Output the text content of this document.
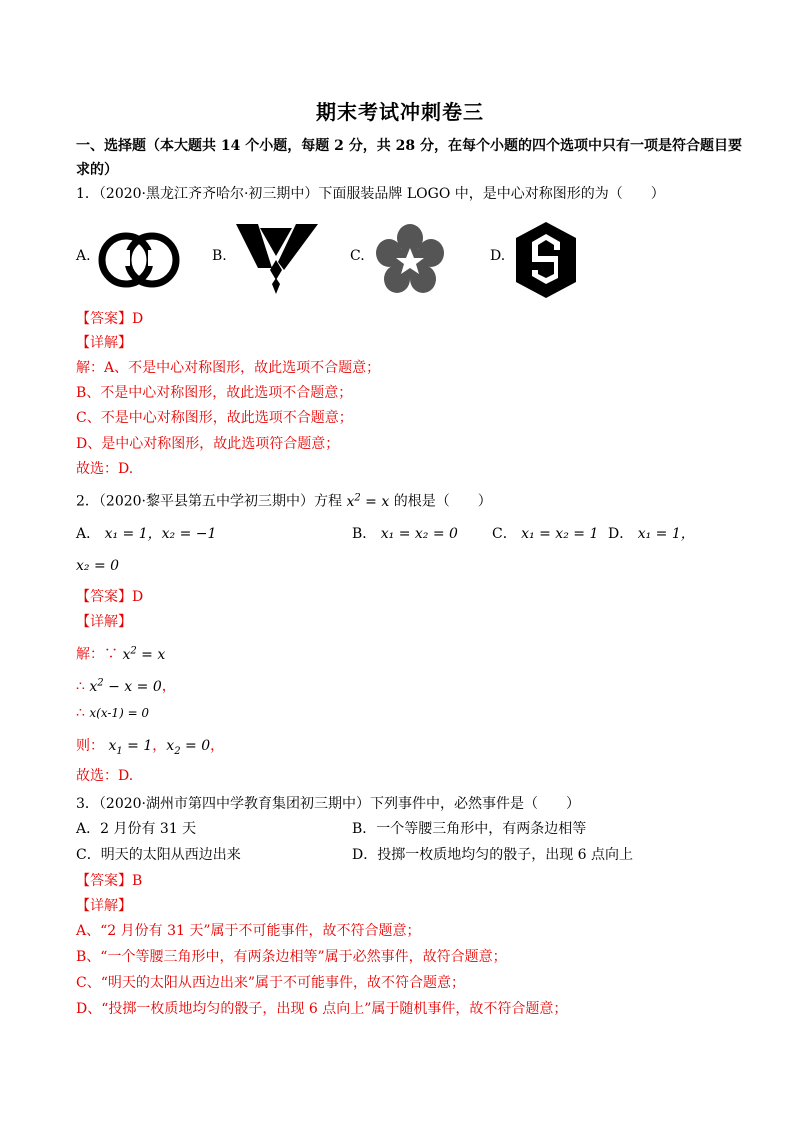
期末考试冲刺卷三
一、选择题（本大题共 14 个小题，每题 2 分，共 28 分，在每个小题的四个选项中只有一项是符合题目要
求的）
1．（2020·黑龙江齐齐哈尔·初三期中）下面服装品牌 LOGO 中，是中心对称图形的为（　　）
A.	B.	C.	D.
【答案】D
【详解】
解：A、不是中心对称图形，故此选项不合题意；
B、不是中心对称图形，故此选项不合题意；
C、不是中心对称图形，故此选项不合题意；
D、是中心对称图形，故此选项符合题意；
故选：D.
2．（2020·黎平县第五中学初三期中）方程 $x^2 = x$ 的根是（　　）
A． x₁ = 1，x₂ = −1	B． x₁ = x₂ = 0 C． x₁ = x₂ = 1 D． x₁ = 1，
x₂ = 0
【答案】D
【详解】
解：∵ $x^2 = x$
∴ $x^2 - x = 0$，
∴ x(x-1) = 0
则： $x_1 = 1$，$x_2 = 0$，
故选：D.
3．（2020·湖州市第四中学教育集团初三期中）下列事件中，必然事件是（　　）
A．2 月份有 31 天	B．一个等腰三角形中，有两条边相等
C．明天的太阳从西边出来	D．投掷一枚质地均匀的骰子，出现 6 点向上
【答案】B
【详解】
A、“2 月份有 31 天”属于不可能事件，故不符合题意；
B、“一个等腰三角形中，有两条边相等”属于必然事件，故符合题意；
C、“明天的太阳从西边出来”属于不可能事件，故不符合题意；
D、“投掷一枚质地均匀的骰子，出现 6 点向上”属于随机事件，故不符合题意；
